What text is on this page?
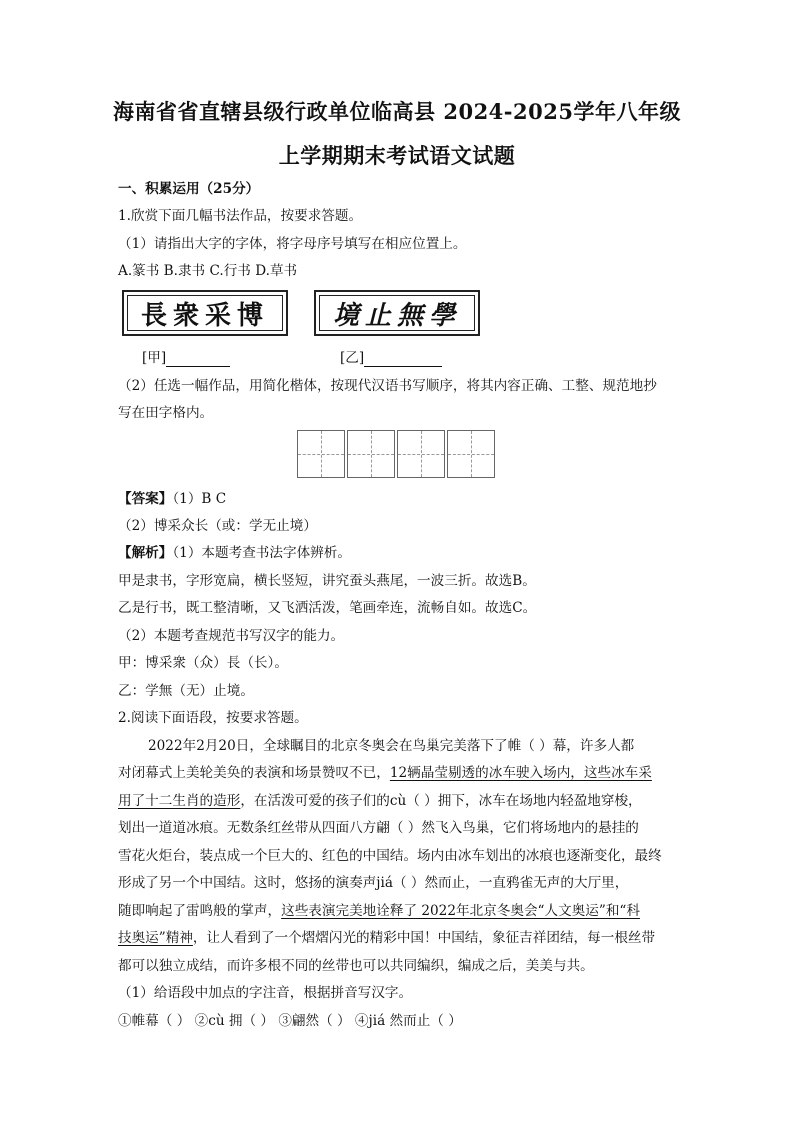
海南省省直辖县级行政单位临高县 2024-2025学年八年级
上学期期末考试语文试题
一、积累运用（25分）
1.欣赏下面几幅书法作品，按要求答题。
（1）请指出大字的字体，将字母序号填写在相应位置上。
A.篆书 B.隶书 C.行书 D.草书
長衆采博 境止無學
[甲]	[乙]
（2）任选一幅作品，用简化楷体，按现代汉语书写顺序，将其内容正确、工整、规范地抄
写在田字格内。
【答案】（1）B C
（2）博采众长（或：学无止境）
【解析】（1）本题考查书法字体辨析。
甲是隶书，字形宽扁，横长竖短，讲究蚕头燕尾，一波三折。故选B。
乙是行书，既工整清晰，又飞洒活泼，笔画牵连，流畅自如。故选C。
（2）本题考查规范书写汉字的能力。
甲：博采衆（众）長（长）。
乙：学無（无）止境。
2.阅读下面语段，按要求答题。
2022年2月20日，全球瞩目的北京冬奥会在鸟巢完美落下了帷（ ）幕，许多人都
对闭幕式上美轮美奂的表演和场景赞叹不已，12辆晶莹剔透的冰车驶入场内，这些冰车采
用了十二生肖的造形，在活泼可爱的孩子们的cù（ ）拥下，冰车在场地内轻盈地穿梭，
划出一道道冰痕。无数条红丝带从四面八方翩（ ）然飞入鸟巢，它们将场地内的悬挂的
雪花火炬台，装点成一个巨大的、红色的中国结。场内由冰车划出的冰痕也逐渐变化，最终
形成了另一个中国结。这时，悠扬的演奏声jiá（ ）然而止，一直鸦雀无声的大厅里，
随即响起了雷鸣般的掌声，这些表演完美地诠释了 2022年北京冬奥会“人文奥运”和“科
技奥运”精神，让人看到了一个熠熠闪光的精彩中国！中国结，象征吉祥团结，每一根丝带
都可以独立成结，而许多根不同的丝带也可以共同编织，编成之后，美美与共。
（1）给语段中加点的字注音，根据拼音写汉字。
①帷幕（ ） ②cù 拥（ ） ③翩然（ ） ④jiá 然而止（ ）
